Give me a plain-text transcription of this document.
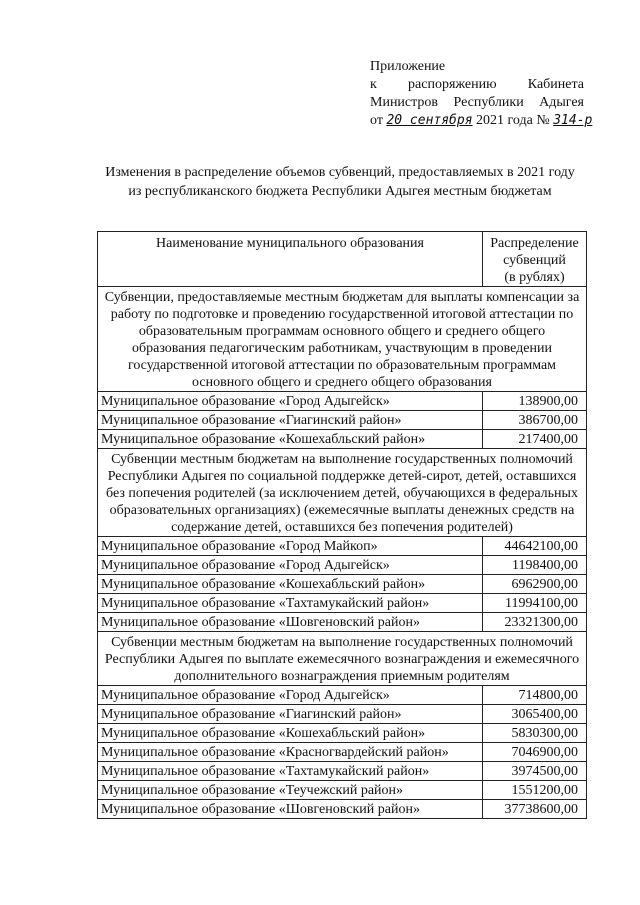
Приложение
к распоряжению Кабинета
Министров Республики Адыгея
от 20 сентября 2021 года № 314-р
Изменения в распределение объемов субвенций, предоставляемых в 2021 году из республиканского бюджета Республики Адыгея местным бюджетам
Наименование муниципального образования	Распределение
субвенций
(в рублях)

Субвенции, предоставляемые местным бюджетам для выплаты компенсации за работу по подготовке и проведению государственной итоговой аттестации по образовательным программам основного общего и среднего общего образования педагогическим работникам, участвующим в проведении государственной итоговой аттестации по образовательным программам основного общего и среднего общего образования	
Муниципальное образование «Город Адыгейск»	138900,00
Муниципальное образование «Гиагинский район»	386700,00
Муниципальное образование «Кошехабльский район»	217400,00
Субвенции местным бюджетам на выполнение государственных полномочий Республики Адыгея по социальной поддержке детей-сирот, детей, оставшихся без попечения родителей (за исключением детей, обучающихся в федеральных образовательных организациях) (ежемесячные выплаты денежных средств на содержание детей, оставшихся без попечения родителей)	
Муниципальное образование «Город Майкоп»	44642100,00
Муниципальное образование «Город Адыгейск»	1198400,00
Муниципальное образование «Кошехабльский район»	6962900,00
Муниципальное образование «Тахтамукайский район»	11994100,00
Муниципальное образование «Шовгеновский район»	23321300,00
Субвенции местным бюджетам на выполнение государственных полномочий Республики Адыгея по выплате ежемесячного вознаграждения и ежемесячного дополнительного вознаграждения приемным родителям	
Муниципальное образование «Город Адыгейск»	714800,00
Муниципальное образование «Гиагинский район»	3065400,00
Муниципальное образование «Кошехабльский район»	5830300,00
Муниципальное образование «Красногвардейский район»	7046900,00
Муниципальное образование «Тахтамукайский район»	3974500,00
Муниципальное образование «Теучежский район»	1551200,00
Муниципальное образование «Шовгеновский район»	37738600,00
